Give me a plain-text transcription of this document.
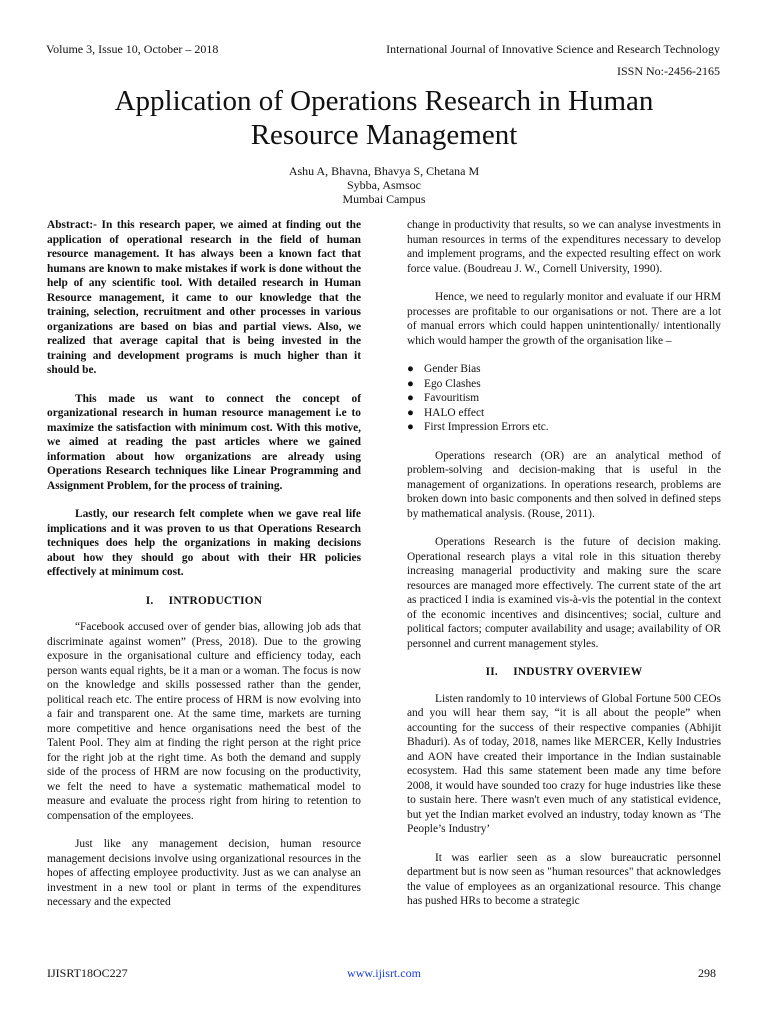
Volume 3, Issue 10, October – 2018	International Journal of Innovative Science and Research Technology
ISSN No:-2456-2165
Application of Operations Research in Human Resource Management
Ashu A, Bhavna, Bhavya S, Chetana M
Sybba, Asmsoc
Mumbai Campus

Abstract:- In this research paper, we aimed at finding out the application of operational research in the field of human resource management. It has always been a known fact that humans are known to make mistakes if work is done without the help of any scientific tool. With detailed research in Human Resource management, it came to our knowledge that the training, selection, recruitment and other processes in various organizations are based on bias and partial views. Also, we realized that average capital that is being invested in the training and development programs is much higher than it should be.

This made us want to connect the concept of organizational research in human resource management i.e to maximize the satisfaction with minimum cost. With this motive, we aimed at reading the past articles where we gained information about how organizations are already using Operations Research techniques like Linear Programming and Assignment Problem, for the process of training.

Lastly, our research felt complete when we gave real life implications and it was proven to us that Operations Research techniques does help the organizations in making decisions about how they should go about with their HR policies effectively at minimum cost.

I.     INTRODUCTION

“Facebook accused over of gender bias, allowing job ads that discriminate against women” (Press, 2018). Due to the growing exposure in the organisational culture and efficiency today, each person wants equal rights, be it a man or a woman. The focus is now on the knowledge and skills possessed rather than the gender, political reach etc. The entire process of HRM is now evolving into a fair and transparent one. At the same time, markets are turning more competitive and hence organisations need the best of the Talent Pool. They aim at finding the right person at the right price for the right job at the right time. As both the demand and supply side of the process of HRM are now focusing on the productivity, we felt the need to have a systematic mathematical model to measure and evaluate the process right from hiring to retention to compensation of the employees.

Just like any management decision, human resource management decisions involve using organizational resources in the hopes of affecting employee productivity. Just as we can analyse an investment in a new tool or plant in terms of the expenditures necessary and the expected

change in productivity that results, so we can analyse investments in human resources in terms of the expenditures necessary to develop and implement programs, and the expected resulting effect on work force value. (Boudreau J. W., Cornell University, 1990).

Hence, we need to regularly monitor and evaluate if our HRM processes are profitable to our organisations or not. There are a lot of manual errors which could happen unintentionally/ intentionally which would hamper the growth of the organisation like –

● Gender Bias
● Ego Clashes
● Favouritism
● HALO effect
● First Impression Errors etc.

Operations research (OR) are an analytical method of problem-solving and decision-making that is useful in the management of organizations. In operations research, problems are broken down into basic components and then solved in defined steps by mathematical analysis. (Rouse, 2011).

Operations Research is the future of decision making. Operational research plays a vital role in this situation thereby increasing managerial productivity and making sure the scare resources are managed more effectively. The current state of the art as practiced I india is examined vis-à-vis the potential in the context of the economic incentives and disincentives; social, culture and political factors; computer availability and usage; availability of OR personnel and current management styles.

II.     INDUSTRY OVERVIEW

Listen randomly to 10 interviews of Global Fortune 500 CEOs and you will hear them say, “it is all about the people” when accounting for the success of their respective companies (Abhijit Bhaduri). As of today, 2018, names like MERCER, Kelly Industries and AON have created their importance in the Indian sustainable ecosystem. Had this same statement been made any time before 2008, it would have sounded too crazy for huge industries like these to sustain here. There wasn't even much of any statistical evidence, but yet the Indian market evolved an industry, today known as ‘The People’s Industry’

It was earlier seen as a slow bureaucratic personnel department but is now seen as "human resources" that acknowledges the value of employees as an organizational resource. This change has pushed HRs to become a strategic

IJISRT18OC227	www.ijisrt.com	298
